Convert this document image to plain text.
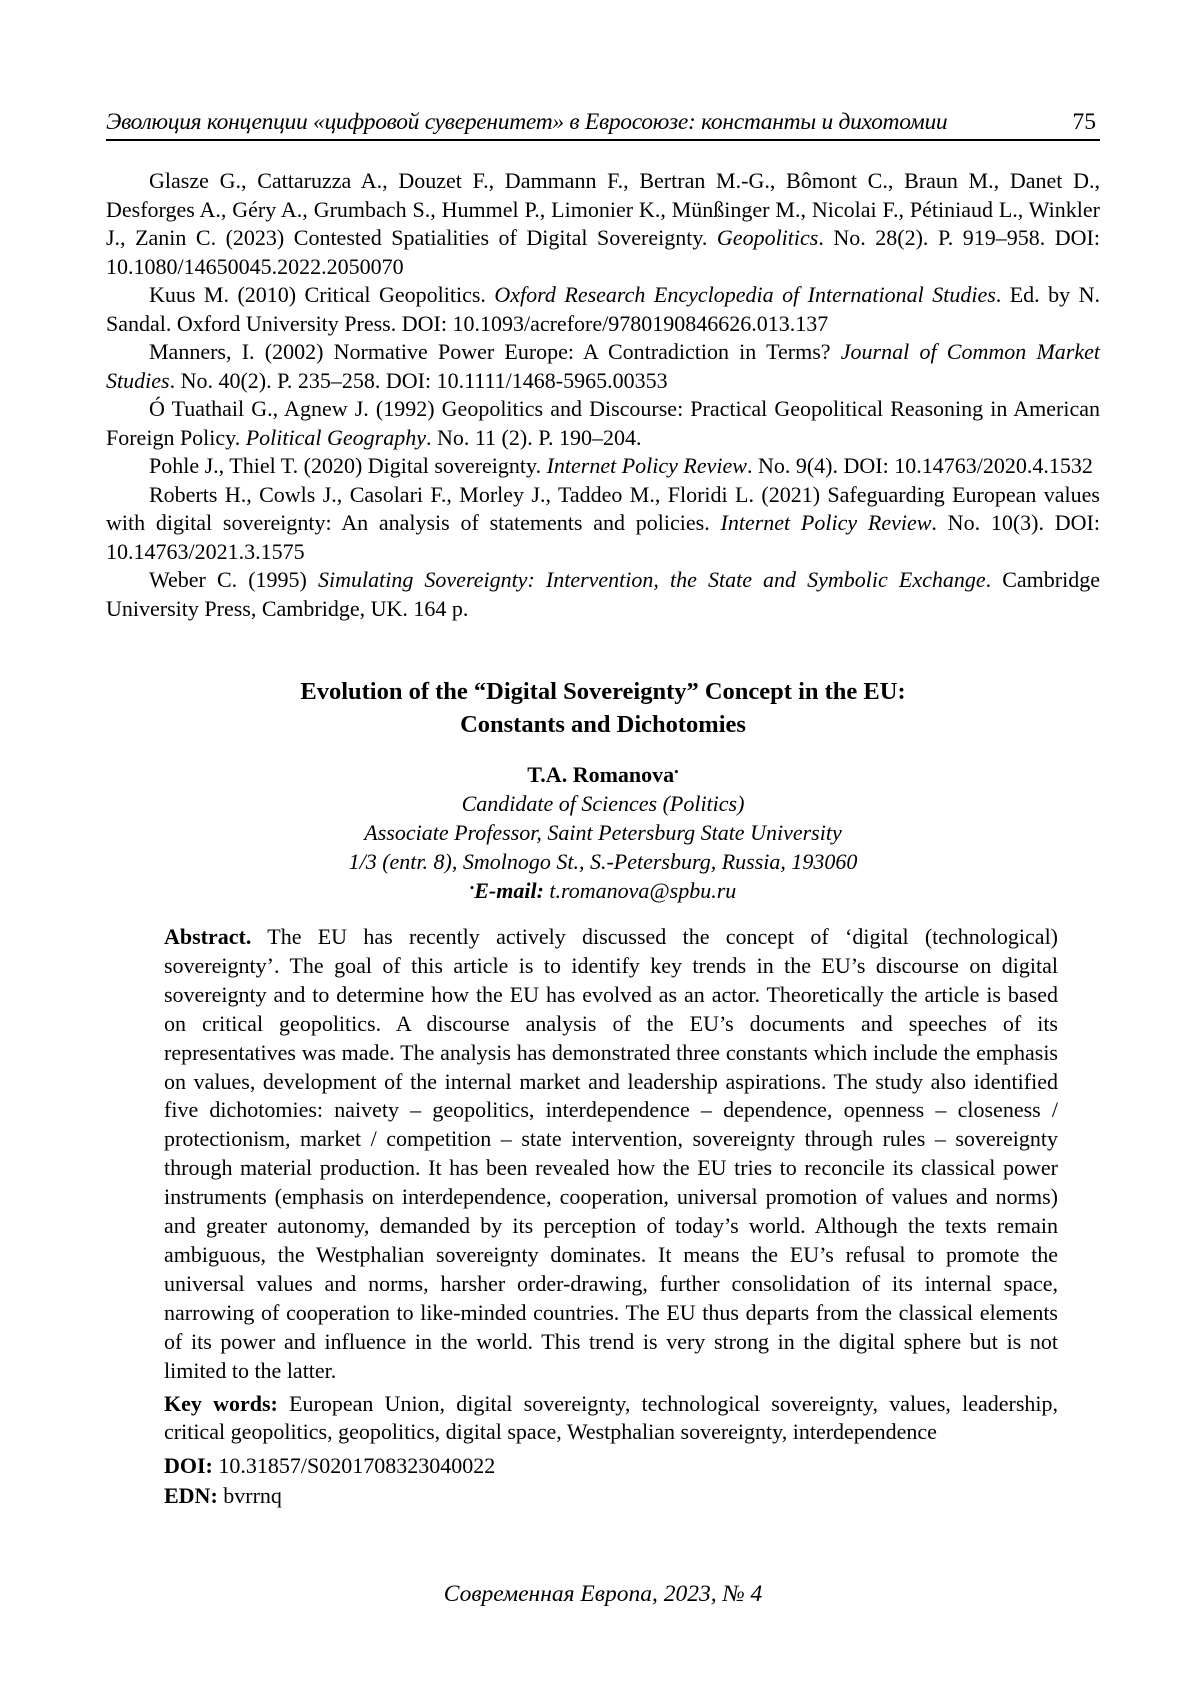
Эволюция концепции «цифровой суверенитет» в Евросоюзе: константы и дихотомии	75

Glasze G., Cattaruzza A., Douzet F., Dammann F., Bertran M.-G., Bômont C., Braun M., Danet D., Desforges A., Géry A., Grumbach S., Hummel P., Limonier K., Münßinger M., Nicolai F., Pétiniaud L., Winkler J., Zanin C. (2023) Contested Spatialities of Digital Sovereignty. Geopolitics. No. 28(2). P. 919–958. DOI: 10.1080/14650045.2022.2050070

Kuus M. (2010) Critical Geopolitics. Oxford Research Encyclopedia of International Studies. Ed. by N. Sandal. Oxford University Press. DOI: 10.1093/acrefore/9780190846626.013.137

Manners, I. (2002) Normative Power Europe: A Contradiction in Terms? Journal of Common Market Studies. No. 40(2). P. 235–258. DOI: 10.1111/1468-5965.00353

Ó Tuathail G., Agnew J. (1992) Geopolitics and Discourse: Practical Geopolitical Reasoning in American Foreign Policy. Political Geography. No. 11 (2). P. 190–204.

Pohle J., Thiel T. (2020) Digital sovereignty. Internet Policy Review. No. 9(4). DOI: 10.14763/2020.4.1532

Roberts H., Cowls J., Casolari F., Morley J., Taddeo M., Floridi L. (2021) Safeguarding European values with digital sovereignty: An analysis of statements and policies. Internet Policy Review. No. 10(3). DOI: 10.14763/2021.3.1575

Weber C. (1995) Simulating Sovereignty: Intervention, the State and Symbolic Exchange. Cambridge University Press, Cambridge, UK. 164 p.

Evolution of the “Digital Sovereignty” Concept in the EU:
Constants and Dichotomies
T.A. Romanova•
Candidate of Sciences (Politics)
Associate Professor, Saint Petersburg State University
1/3 (entr. 8), Smolnogo St., S.-Petersburg, Russia, 193060
•E-mail: t.romanova@spbu.ru

Abstract. The EU has recently actively discussed the concept of ‘digital (technological) sovereignty’. The goal of this article is to identify key trends in the EU’s discourse on digital sovereignty and to determine how the EU has evolved as an actor. Theoretically the article is based on critical geopolitics. A discourse analysis of the EU’s documents and speeches of its representatives was made. The analysis has demonstrated three constants which include the emphasis on values, development of the internal market and leadership aspirations. The study also identified five dichotomies: naivety – geopolitics, interdependence – dependence, openness – closeness / protectionism, market / competition – state intervention, sovereignty through rules – sovereignty through material production. It has been revealed how the EU tries to reconcile its classical power instruments (emphasis on interdependence, cooperation, universal promotion of values and norms) and greater autonomy, demanded by its perception of today’s world. Although the texts remain ambiguous, the Westphalian sovereignty dominates. It means the EU’s refusal to promote the universal values and norms, harsher order-drawing, further consolidation of its internal space, narrowing of cooperation to like-minded countries. The EU thus departs from the classical elements of its power and influence in the world. This trend is very strong in the digital sphere but is not limited to the latter.

Key words: European Union, digital sovereignty, technological sovereignty, values, leadership, critical geopolitics, geopolitics, digital space, Westphalian sovereignty, interdependence

DOI: 10.31857/S0201708323040022

EDN: bvrrnq

Современная Европа, 2023, № 4
